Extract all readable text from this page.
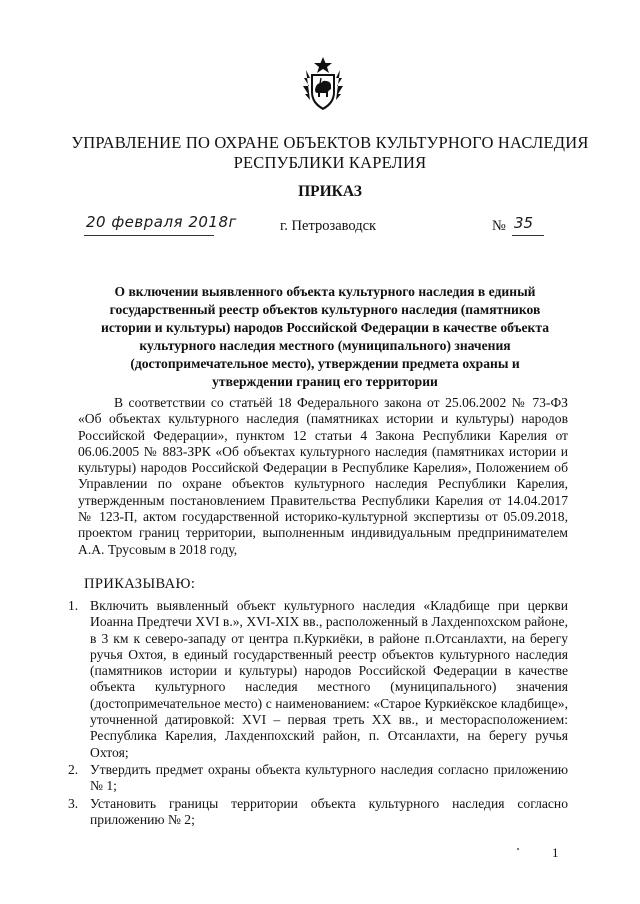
УПРАВЛЕНИЕ ПО ОХРАНЕ ОБЪЕКТОВ КУЛЬТУРНОГО НАСЛЕДИЯ
РЕСПУБЛИКИ КАРЕЛИЯ
ПРИКАЗ
20 февраля 2018г	г. Петрозаводск	№ 35
О включении выявленного объекта культурного наследия в единый государственный реестр объектов культурного наследия (памятников истории и культуры) народов Российской Федерации в качестве объекта культурного наследия местного (муниципального) значения (достопримечательное место), утверждении предмета охраны и утверждении границ его территории

В соответствии со статьёй 18 Федерального закона от 25.06.2002 № 73-ФЗ «Об объектах культурного наследия (памятниках истории и культуры) народов Российской Федерации», пунктом 12 статьи 4 Закона Республики Карелия от 06.06.2005 № 883-ЗРК «Об объектах культурного наследия (памятниках истории и культуры) народов Российской Федерации в Республике Карелия», Положением об Управлении по охране объектов культурного наследия Республики Карелия, утвержденным постановлением Правительства Республики Карелия от 14.04.2017 № 123-П, актом государственной историко-культурной экспертизы от 05.09.2018, проектом границ территории, выполненным индивидуальным предпринимателем А.А. Трусовым в 2018 году,

ПРИКАЗЫВАЮ:
1. Включить выявленный объект культурного наследия «Кладбище при церкви Иоанна Предтечи XVI в.», XVI-XIX вв., расположенный в Лахденпохском районе, в 3 км к северо-западу от центра п.Куркиёки, в районе п.Отсанлахти, на берегу ручья Охтоя, в единый государственный реестр объектов культурного наследия (памятников истории и культуры) народов Российской Федерации в качестве объекта культурного наследия местного (муниципального) значения (достопримечательное место) с наименованием: «Старое Куркиёкское кладбище», уточненной датировкой: XVI – первая треть XX вв., и месторасположением: Республика Карелия, Лахденпохский район, п. Отсанлахти, на берегу ручья Охтоя;
2. Утвердить предмет охраны объекта культурного наследия согласно приложению № 1;
3. Установить границы территории объекта культурного наследия согласно приложению № 2;
1
